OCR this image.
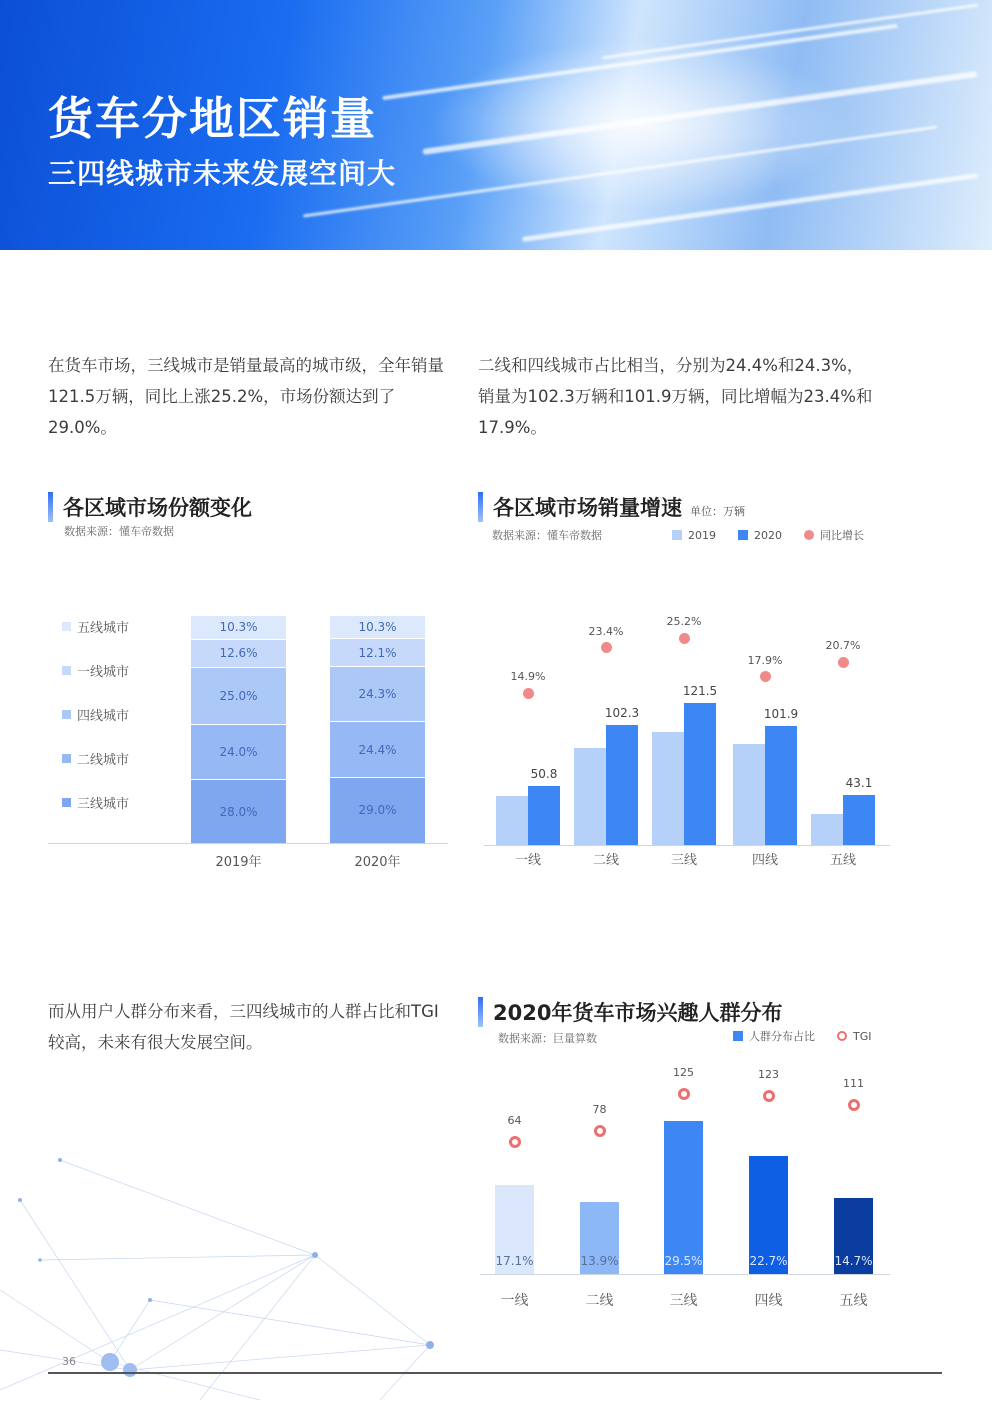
货车分地区销量
三四线城市未来发展空间大
在货车市场，三线城市是销量最高的城市级，全年销量121.5万辆，同比上涨25.2%，市场份额达到了29.0%。
二线和四线城市占比相当，分别为24.4%和24.3%，销量为102.3万辆和101.9万辆，同比增幅为23.4%和17.9%。
而从用户人群分布来看，三四线城市的人群占比和TGI较高，未来有很大发展空间。
各区域市场份额变化
数据来源：懂车帝数据
各区域市场销量增速 单位：万辆
数据来源：懂车帝数据	2019	2020	同比增长
2020年货车市场兴趣人群分布
数据来源：巨量算数	人群分布占比	TGI
36
五线城市
一线城市
四线城市
二线城市
三线城市	28.0%
24.0%
25.0%
12.6%
10.3%
2019年
29.0%
24.4%
24.3%
12.1%
10.3%
2020年
50.8
14.9%
一线
102.3
23.4%
二线
121.5
25.2%
三线
101.9
17.9%
四线
43.1
20.7%
五线
17.1%
64
一线
13.9%
78
二线
29.5%
125
三线
22.7%
123
四线
14.7%
111
五线
